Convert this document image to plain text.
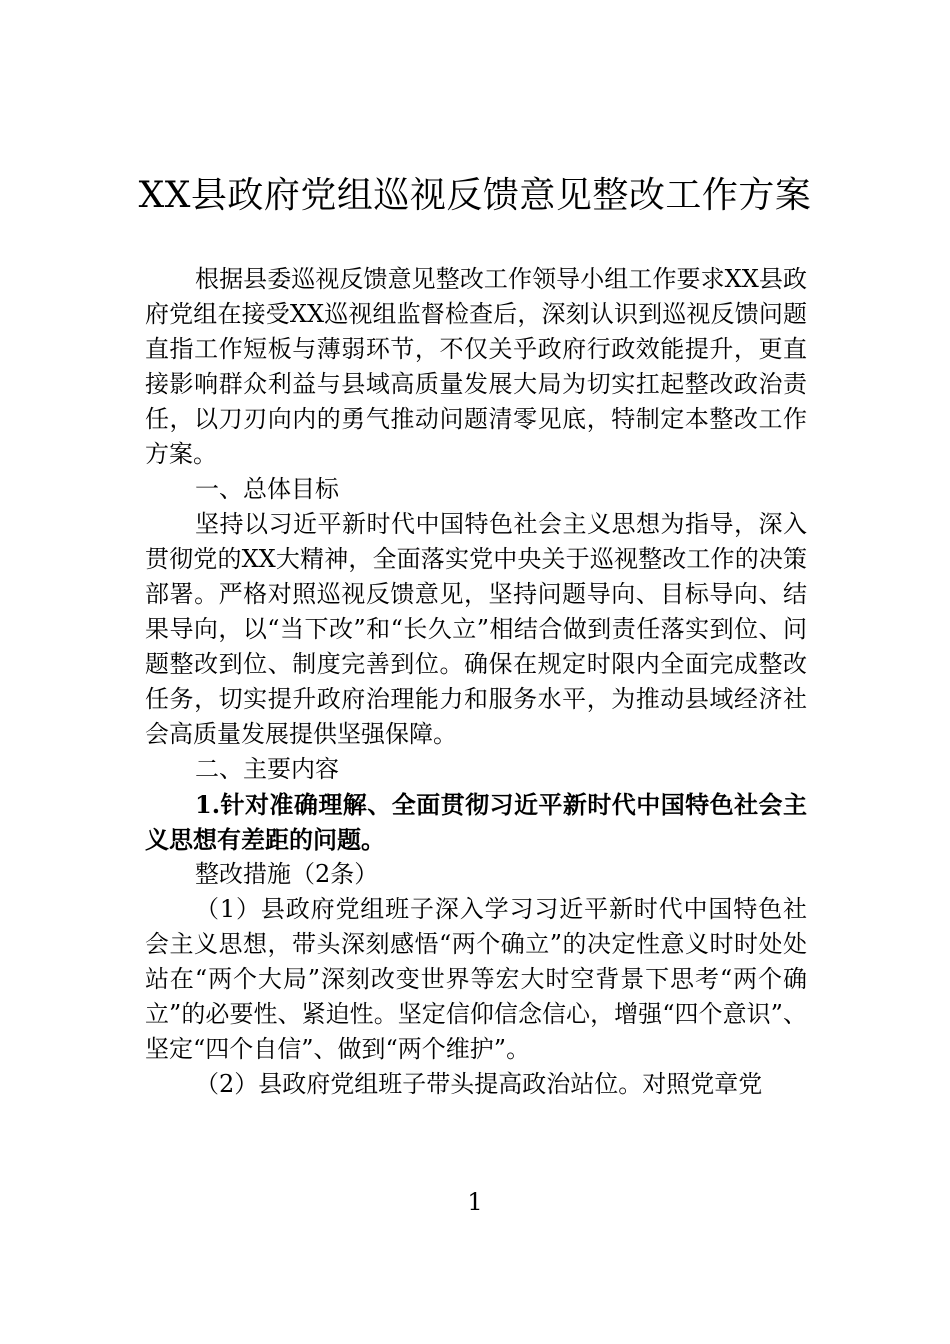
XX县政府党组巡视反馈意见整改工作方案

根据县委巡视反馈意见整改工作领导小组工作要求XX县政府党组在接受XX巡视组监督检查后，深刻认识到巡视反馈问题直指工作短板与薄弱环节，不仅关乎政府行政效能提升，更直接影响群众利益与县域高质量发展大局为切实扛起整改政治责任，以刀刃向内的勇气推动问题清零见底，特制定本整改工作方案。

一、总体目标

坚持以习近平新时代中国特色社会主义思想为指导，深入贯彻党的XX大精神，全面落实党中央关于巡视整改工作的决策部署。严格对照巡视反馈意见，坚持问题导向、目标导向、结果导向，以“当下改”和“长久立”相结合做到责任落实到位、问题整改到位、制度完善到位。确保在规定时限内全面完成整改任务，切实提升政府治理能力和服务水平，为推动县域经济社会高质量发展提供坚强保障。

二、主要内容

1.针对准确理解、全面贯彻习近平新时代中国特色社会主义思想有差距的问题。

整改措施（2条）

（1）县政府党组班子深入学习习近平新时代中国特色社会主义思想，带头深刻感悟“两个确立”的决定性意义时时处处站在“两个大局”深刻改变世界等宏大时空背景下思考“两个确立”的必要性、紧迫性。坚定信仰信念信心，增强“四个意识”、坚定“四个自信”、做到“两个维护”。

（2）县政府党组班子带头提高政治站位。对照党章党

1
